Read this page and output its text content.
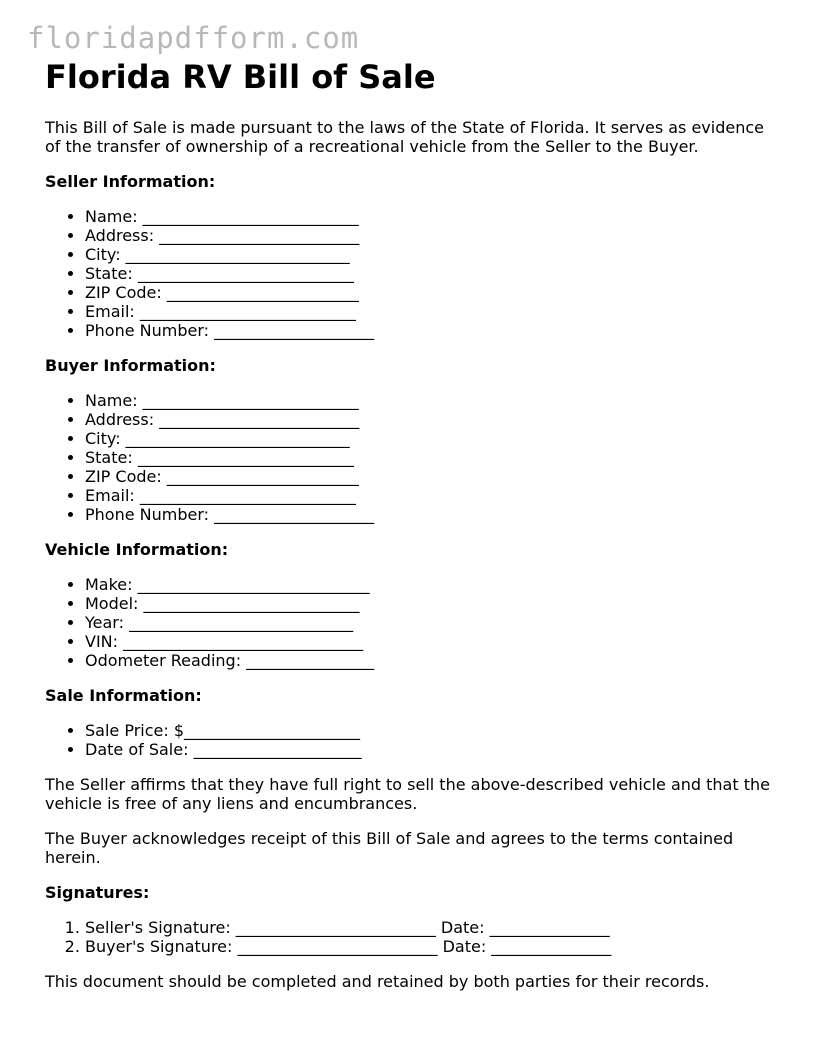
floridapdfform.com
Florida RV Bill of Sale

This Bill of Sale is made pursuant to the laws of the State of Florida. It serves as evidence of the transfer of ownership of a recreational vehicle from the Seller to the Buyer.

Seller Information:
• Name: ___________________________
• Address: _________________________
• City: ____________________________
• State: ___________________________
• ZIP Code: ________________________
• Email: ___________________________
• Phone Number: ____________________
Buyer Information:
• Name: ___________________________
• Address: _________________________
• City: ____________________________
• State: ___________________________
• ZIP Code: ________________________
• Email: ___________________________
• Phone Number: ____________________
Vehicle Information:
• Make: _____________________________
• Model: ___________________________
• Year: ____________________________
• VIN: ______________________________
• Odometer Reading: ________________
Sale Information:
• Sale Price: $______________________
• Date of Sale: _____________________

The Seller affirms that they have full right to sell the above-described vehicle and that the vehicle is free of any liens and encumbrances.

The Buyer acknowledges receipt of this Bill of Sale and agrees to the terms contained herein.

Signatures:
1. Seller's Signature: _________________________ Date: _______________
2. Buyer's Signature: _________________________ Date: _______________

This document should be completed and retained by both parties for their records.
